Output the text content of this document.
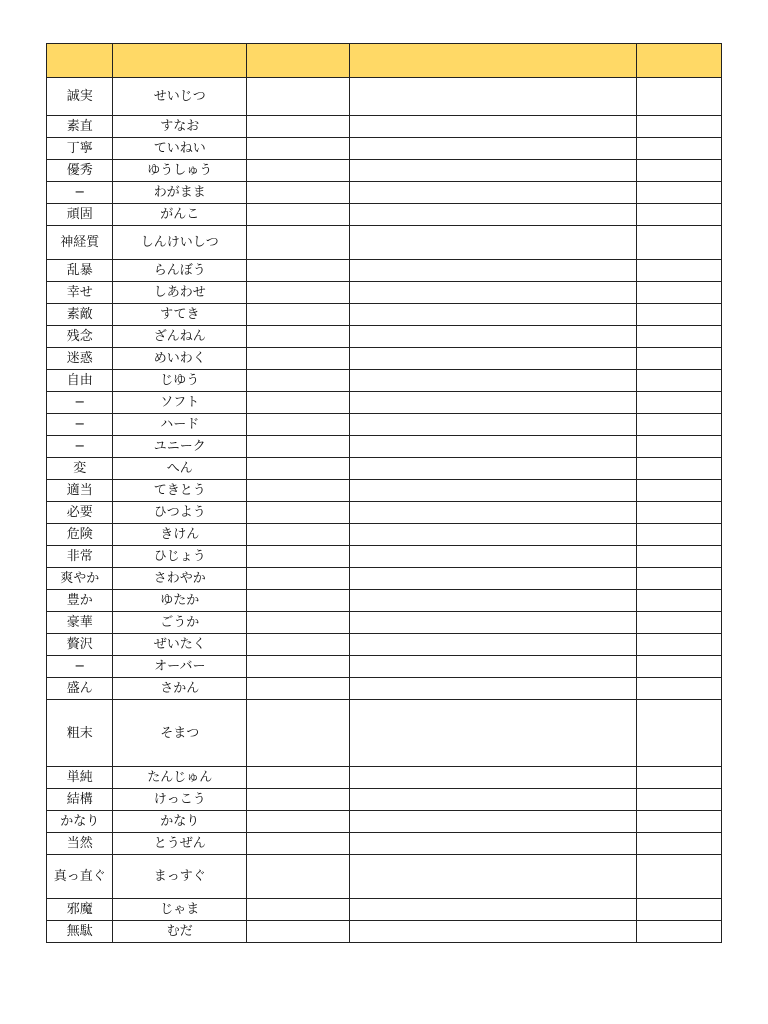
誠実	せいじつ			
素直	すなお			
丁寧	ていねい			
優秀	ゆうしゅう			
−	わがまま			
頑固	がんこ			
神経質	しんけいしつ			
乱暴	らんぼう			
幸せ	しあわせ			
素敵	すてき			
残念	ざんねん			
迷惑	めいわく			
自由	じゆう			
−	ソフト			
−	ハード			
−	ユニーク			
変	へん			
適当	てきとう			
必要	ひつよう			
危険	きけん			
非常	ひじょう			
爽やか	さわやか			
豊か	ゆたか			
豪華	ごうか			
贅沢	ぜいたく			
−	オーバー			
盛ん	さかん			
粗末	そまつ			
単純	たんじゅん			
結構	けっこう			
かなり	かなり			
当然	とうぜん			
真っ直ぐ	まっすぐ			
邪魔	じゃま			
無駄	むだ			
